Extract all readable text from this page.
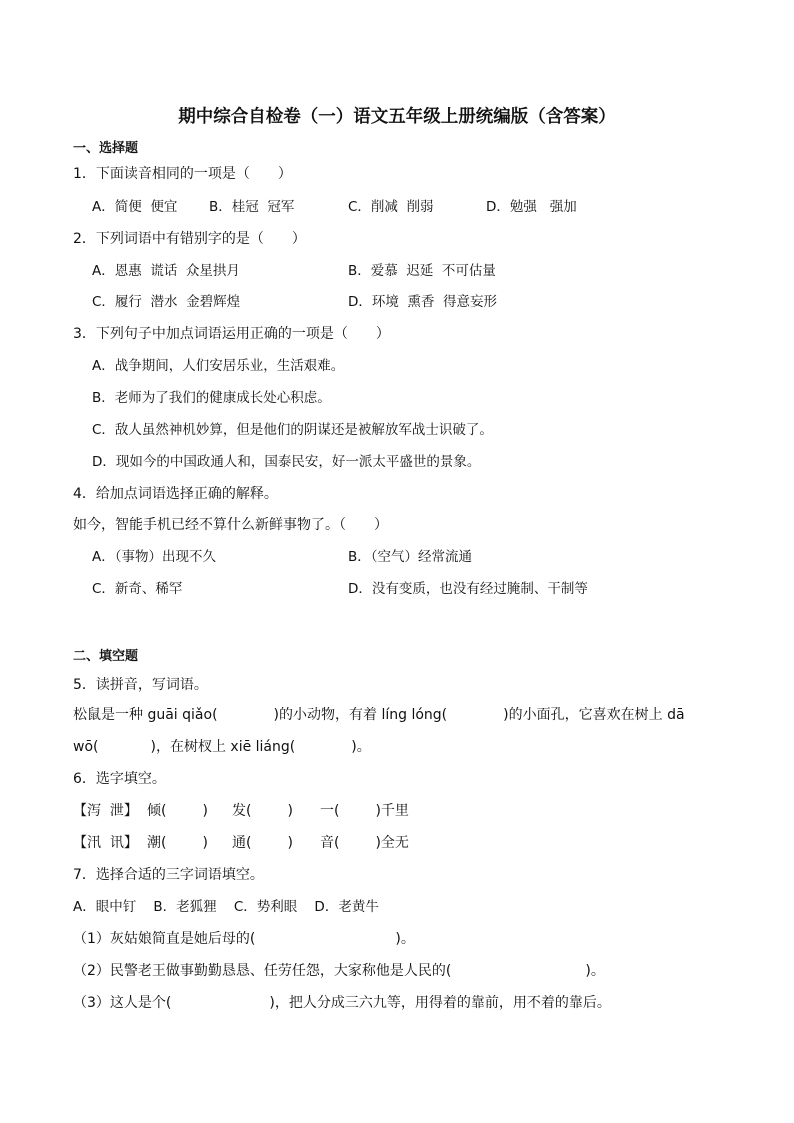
期中综合自检卷（一）语文五年级上册统编版（含答案）
一、选择题
1．下面读音相同的一项是（　　）
A．简便  便宜 B．桂冠  冠军	C．削减  削弱	D．勉强   强加
2．下列词语中有错别字的是（　　）
A．恩惠  谎话  众星拱月	B．爱慕  迟延  不可估量
C．履行  潜水  金碧辉煌	D．环境  熏香  得意妄形
3．下列句子中加点词语运用正确的一项是（　　）
A．战争期间，人们安居乐业，生活艰难。
B．老师为了我们的健康成长处心积虑。
C．敌人虽然神机妙算，但是他们的阴谋还是被解放军战士识破了。
D．现如今的中国政通人和，国泰民安，好一派太平盛世的景象。
4．给加点词语选择正确的解释。
如今，智能手机已经不算什么新鲜事物了。（　　）
A．（事物）出现不久	B．（空气）经常流通
C．新奇、稀罕	D．没有变质，也没有经过腌制、干制等
二、填空题
5．读拼音，写词语。
松鼠是一种 guāi qiǎo(	)的小动物，有着 líng lóng(	)的小面孔，它喜欢在树上 dā
wō(	)，在树杈上 xiē liáng(	)。
6．选字填空。
【泻  泄】 倾(	) 发(	) 一(	)千里
【汛  讯】 潮(	) 通(	) 音(	)全无
7．选择合适的三字词语填空。
A．眼中钉    B．老狐狸    C．势利眼    D．老黄牛
（1）灰姑娘简直是她后母的(	)。
（2）民警老王做事勤勤恳恳、任劳任怨，大家称他是人民的(	)。
（3）这人是个(	)，把人分成三六九等，用得着的靠前，用不着的靠后。
